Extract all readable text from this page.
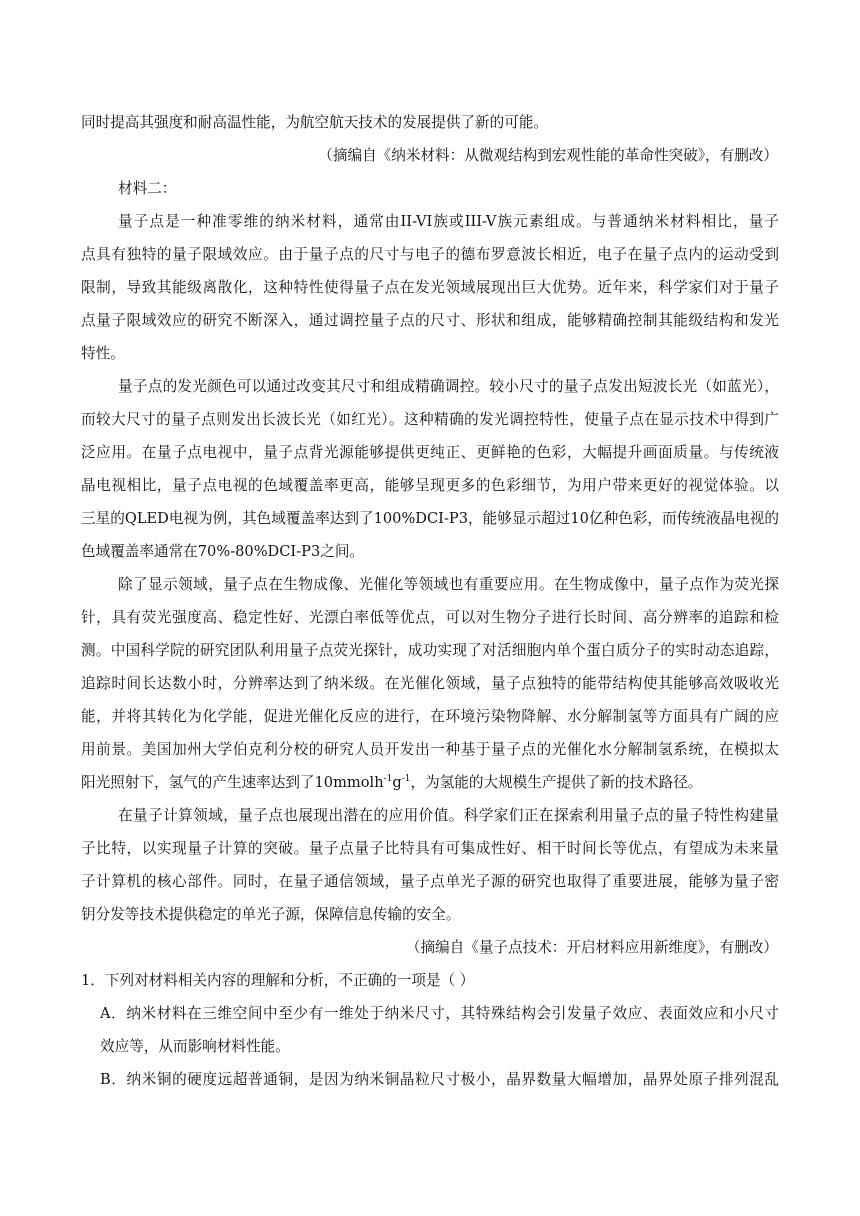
同时提高其强度和耐高温性能，为航空航天技术的发展提供了新的可能。
（摘编自《纳米材料：从微观结构到宏观性能的革命性突破》，有删改）
材料二：
量子点是一种准零维的纳米材料，通常由II-VI族或III-V族元素组成。与普通纳米材料相比，量子
点具有独特的量子限域效应。由于量子点的尺寸与电子的德布罗意波长相近，电子在量子点内的运动受到
限制，导致其能级离散化，这种特性使得量子点在发光领域展现出巨大优势。近年来，科学家们对于量子
点量子限域效应的研究不断深入，通过调控量子点的尺寸、形状和组成，能够精确控制其能级结构和发光
特性。
量子点的发光颜色可以通过改变其尺寸和组成精确调控。较小尺寸的量子点发出短波长光（如蓝光），
而较大尺寸的量子点则发出长波长光（如红光）。这种精确的发光调控特性，使量子点在显示技术中得到广
泛应用。在量子点电视中，量子点背光源能够提供更纯正、更鲜艳的色彩，大幅提升画面质量。与传统液
晶电视相比，量子点电视的色域覆盖率更高，能够呈现更多的色彩细节，为用户带来更好的视觉体验。以
三星的QLED电视为例，其色域覆盖率达到了100%DCI-P3，能够显示超过10亿种色彩，而传统液晶电视的
色域覆盖率通常在70%-80%DCI-P3之间。
除了显示领域，量子点在生物成像、光催化等领域也有重要应用。在生物成像中，量子点作为荧光探
针，具有荧光强度高、稳定性好、光漂白率低等优点，可以对生物分子进行长时间、高分辨率的追踪和检
测。中国科学院的研究团队利用量子点荧光探针，成功实现了对活细胞内单个蛋白质分子的实时动态追踪，
追踪时间长达数小时，分辨率达到了纳米级。在光催化领域，量子点独特的能带结构使其能够高效吸收光
能，并将其转化为化学能，促进光催化反应的进行，在环境污染物降解、水分解制氢等方面具有广阔的应
用前景。美国加州大学伯克利分校的研究人员开发出一种基于量子点的光催化水分解制氢系统，在模拟太
阳光照射下，氢气的产生速率达到了$10mmolh^{-1}g^{-1}$，为氢能的大规模生产提供了新的技术路径。
在量子计算领域，量子点也展现出潜在的应用价值。科学家们正在探索利用量子点的量子特性构建量
子比特，以实现量子计算的突破。量子点量子比特具有可集成性好、相干时间长等优点，有望成为未来量
子计算机的核心部件。同时，在量子通信领域，量子点单光子源的研究也取得了重要进展，能够为量子密
钥分发等技术提供稳定的单光子源，保障信息传输的安全。
（摘编自《量子点技术：开启材料应用新维度》，有删改）
1．下列对材料相关内容的理解和分析，不正确的一项是（ ）
A．纳米材料在三维空间中至少有一维处于纳米尺寸，其特殊结构会引发量子效应、表面效应和小尺寸
效应等，从而影响材料性能。
B．纳米铜的硬度远超普通铜，是因为纳米铜晶粒尺寸极小，晶界数量大幅增加，晶界处原子排列混乱
